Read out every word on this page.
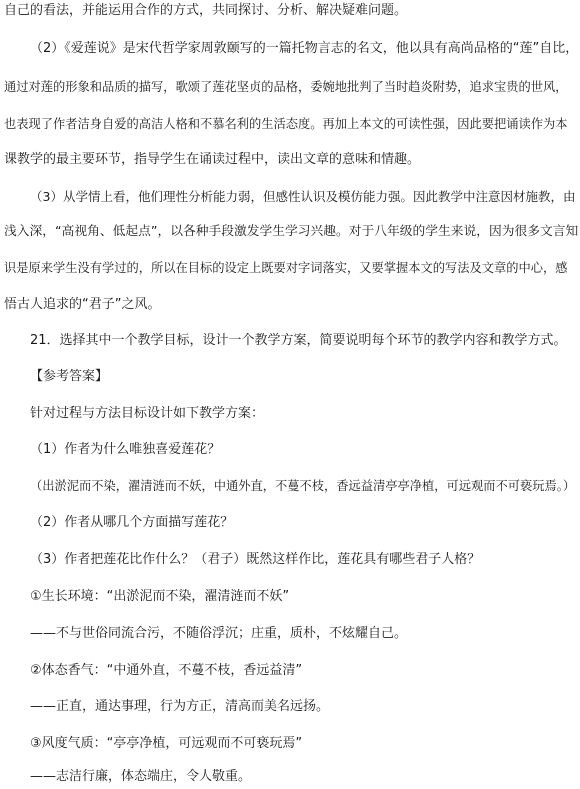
自己的看法，并能运用合作的方式，共同探讨、分析、解决疑难问题。
（2）《爱莲说》是宋代哲学家周敦颐写的一篇托物言志的名文，他以具有高尚品格的“莲”自比，
通过对莲的形象和品质的描写，歌颂了莲花坚贞的品格，委婉地批判了当时趋炎附势，追求宝贵的世风，
也表现了作者洁身自爱的高洁人格和不慕名利的生活态度。再加上本文的可读性强，因此要把诵读作为本
课教学的最主要环节，指导学生在诵读过程中，读出文章的意味和情趣。
（3）从学情上看，他们理性分析能力弱，但感性认识及模仿能力强。因此教学中注意因材施教，由
浅入深，“高视角、低起点”，以各种手段激发学生学习兴趣。对于八年级的学生来说，因为很多文言知
识是原来学生没有学过的，所以在目标的设定上既要对字词落实，又要掌握本文的写法及文章的中心，感
悟古人追求的“君子”之风。
21．选择其中一个教学目标，设计一个教学方案，简要说明每个环节的教学内容和教学方式。
【参考答案】
针对过程与方法目标设计如下教学方案：
（1）作者为什么唯独喜爱莲花？
（出淤泥而不染，濯清涟而不妖，中通外直，不蔓不枝，香远益清亭亭净植，可远观而不可亵玩焉。）
（2）作者从哪几个方面描写莲花？
（3）作者把莲花比作什么？（君子）既然这样作比，莲花具有哪些君子人格？
①生长环境：“出淤泥而不染，濯清涟而不妖”
——不与世俗同流合污，不随俗浮沉；庄重，质朴，不炫耀自己。
②体态香气：“中通外直，不蔓不枝，香远益清”
——正直，通达事理，行为方正，清高而美名远扬。
③风度气质：“亭亭净植，可远观而不可亵玩焉”
——志洁行廉，体态端庄，令人敬重。
